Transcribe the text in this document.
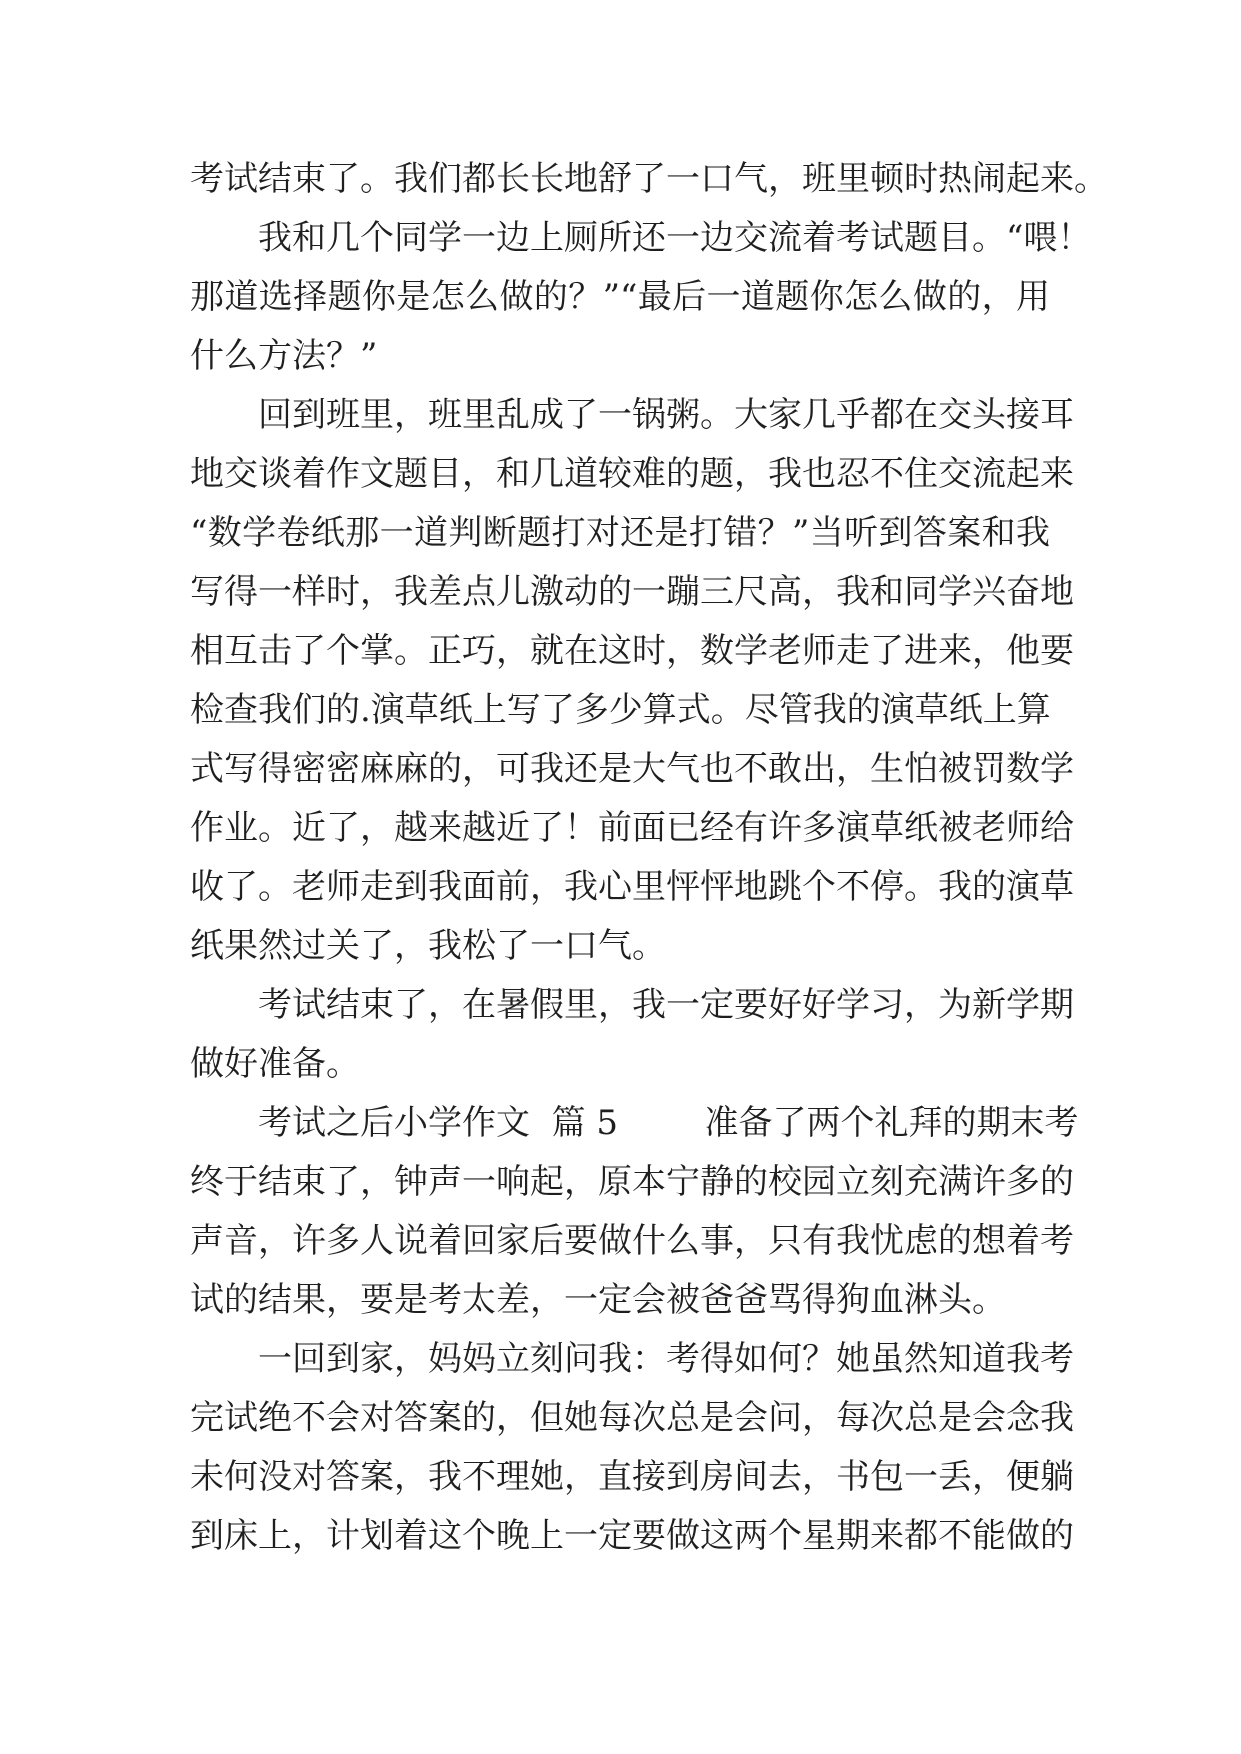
考试结束了。我们都长长地舒了一口气，班里顿时热闹起来。
我和几个同学一边上厕所还一边交流着考试题目。“喂！
那道选择题你是怎么做的？”“最后一道题你怎么做的，用
什么方法？”
回到班里，班里乱成了一锅粥。大家几乎都在交头接耳
地交谈着作文题目，和几道较难的题，我也忍不住交流起来
“数学卷纸那一道判断题打对还是打错？”当听到答案和我
写得一样时，我差点儿激动的一蹦三尺高，我和同学兴奋地
相互击了个掌。正巧，就在这时，数学老师走了进来，他要
检查我们的.演草纸上写了多少算式。尽管我的演草纸上算
式写得密密麻麻的，可我还是大气也不敢出，生怕被罚数学
作业。近了，越来越近了！前面已经有许多演草纸被老师给
收了。老师走到我面前，我心里怦怦地跳个不停。我的演草
纸果然过关了，我松了一口气。
考试结束了，在暑假里，我一定要好好学习，为新学期
做好准备。
考试之后小学作文  篇 5        准备了两个礼拜的期末考
终于结束了，钟声一响起，原本宁静的校园立刻充满许多的
声音，许多人说着回家后要做什么事，只有我忧虑的想着考
试的结果，要是考太差，一定会被爸爸骂得狗血淋头。
一回到家，妈妈立刻问我：考得如何？她虽然知道我考
完试绝不会对答案的，但她每次总是会问，每次总是会念我
未何没对答案，我不理她，直接到房间去，书包一丢，便躺
到床上，计划着这个晚上一定要做这两个星期来都不能做的
